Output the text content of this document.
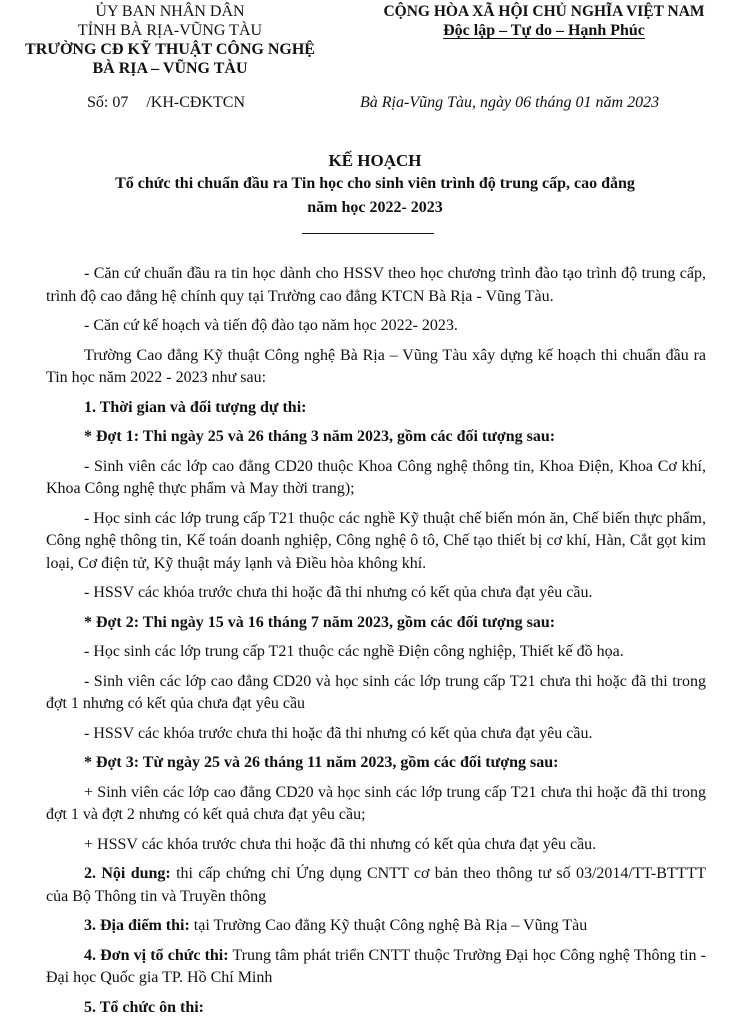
ỦY BAN NHÂN DÂN
TỈNH BÀ RỊA-VŨNG TÀU
TRƯỜNG CĐ KỸ THUẬT CÔNG NGHỆ
BÀ RỊA – VŨNG TÀU
CỘNG HÒA XÃ HỘI CHỦ NGHĨA VIỆT NAM
Độc lập – Tự do – Hạnh Phúc
Số: 07 /KH-CĐKTCN	Bà Rịa-Vũng Tàu, ngày 06 tháng 01 năm 2023
KẾ HOẠCH
Tổ chức thi chuẩn đầu ra Tin học cho sinh viên trình độ trung cấp, cao đẳng
năm học 2022- 2023

- Căn cứ chuẩn đầu ra tin học dành cho HSSV theo học chương trình đào tạo trình độ trung cấp, trình độ cao đẳng hệ chính quy tại Trường cao đẳng KTCN Bà Rịa - Vũng Tàu.

- Căn cứ kế hoạch và tiến độ đào tạo năm học 2022- 2023.

Trường Cao đẳng Kỹ thuật Công nghệ Bà Rịa – Vũng Tàu xây dựng kế hoạch thi chuẩn đầu ra Tin học năm 2022 - 2023 như sau:

1. Thời gian và đối tượng dự thi:

* Đợt 1: Thi ngày 25 và 26 tháng 3 năm 2023, gồm các đối tượng sau:

- Sinh viên các lớp cao đẳng CD20 thuộc Khoa Công nghệ thông tin, Khoa Điện, Khoa Cơ khí, Khoa Công nghệ thực phẩm và May thời trang);

- Học sinh các lớp trung cấp T21 thuộc các nghề Kỹ thuật chế biến món ăn, Chế biến thực phẩm, Công nghệ thông tin, Kế toán doanh nghiệp, Công nghệ ô tô, Chế tạo thiết bị cơ khí, Hàn, Cắt gọt kim loại, Cơ điện tử, Kỹ thuật máy lạnh và Điều hòa không khí.

- HSSV các khóa trước chưa thi hoặc đã thi nhưng có kết qủa chưa đạt yêu cầu.

* Đợt 2: Thi ngày 15 và 16 tháng 7 năm 2023, gồm các đối tượng sau:

- Học sinh các lớp trung cấp T21 thuộc các nghề Điện công nghiệp, Thiết kế đồ họa.

- Sinh viên các lớp cao đẳng CD20 và học sinh các lớp trung cấp T21 chưa thi hoặc đã thi trong đợt 1 nhưng có kết qủa chưa đạt yêu cầu

- HSSV các khóa trước chưa thi hoặc đã thi nhưng có kết qủa chưa đạt yêu cầu.

* Đợt 3: Từ ngày 25 và 26 tháng 11 năm 2023, gồm các đối tượng sau:

+ Sinh viên các lớp cao đẳng CD20 và học sinh các lớp trung cấp T21 chưa thi hoặc đã thi trong đợt 1 và đợt 2 nhưng có kết quả chưa đạt yêu cầu;

+ HSSV các khóa trước chưa thi hoặc đã thi nhưng có kết qủa chưa đạt yêu cầu.

2. Nội dung: thi cấp chứng chỉ Ứng dụng CNTT cơ bản theo thông tư số 03/2014/TT-BTTTT của Bộ Thông tin và Truyền thông

3. Địa điểm thi: tại Trường Cao đẳng Kỹ thuật Công nghệ Bà Rịa – Vũng Tàu

4. Đơn vị tổ chức thi: Trung tâm phát triển CNTT thuộc Trường Đại học Công nghệ Thông tin - Đại học Quốc gia TP. Hồ Chí Minh

5. Tổ chức ôn thi:
